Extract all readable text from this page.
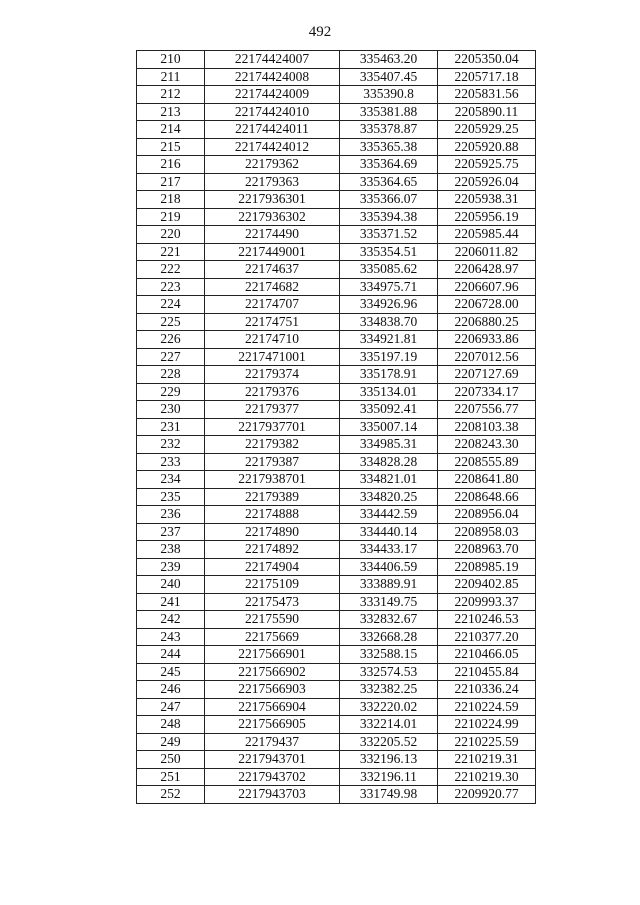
492
210	22174424007	335463.20	2205350.04
211	22174424008	335407.45	2205717.18
212	22174424009	335390.8	2205831.56
213	22174424010	335381.88	2205890.11
214	22174424011	335378.87	2205929.25
215	22174424012	335365.38	2205920.88
216	22179362	335364.69	2205925.75
217	22179363	335364.65	2205926.04
218	2217936301	335366.07	2205938.31
219	2217936302	335394.38	2205956.19
220	22174490	335371.52	2205985.44
221	2217449001	335354.51	2206011.82
222	22174637	335085.62	2206428.97
223	22174682	334975.71	2206607.96
224	22174707	334926.96	2206728.00
225	22174751	334838.70	2206880.25
226	22174710	334921.81	2206933.86
227	2217471001	335197.19	2207012.56
228	22179374	335178.91	2207127.69
229	22179376	335134.01	2207334.17
230	22179377	335092.41	2207556.77
231	2217937701	335007.14	2208103.38
232	22179382	334985.31	2208243.30
233	22179387	334828.28	2208555.89
234	2217938701	334821.01	2208641.80
235	22179389	334820.25	2208648.66
236	22174888	334442.59	2208956.04
237	22174890	334440.14	2208958.03
238	22174892	334433.17	2208963.70
239	22174904	334406.59	2208985.19
240	22175109	333889.91	2209402.85
241	22175473	333149.75	2209993.37
242	22175590	332832.67	2210246.53
243	22175669	332668.28	2210377.20
244	2217566901	332588.15	2210466.05
245	2217566902	332574.53	2210455.84
246	2217566903	332382.25	2210336.24
247	2217566904	332220.02	2210224.59
248	2217566905	332214.01	2210224.99
249	22179437	332205.52	2210225.59
250	2217943701	332196.13	2210219.31
251	2217943702	332196.11	2210219.30
252	2217943703	331749.98	2209920.77
